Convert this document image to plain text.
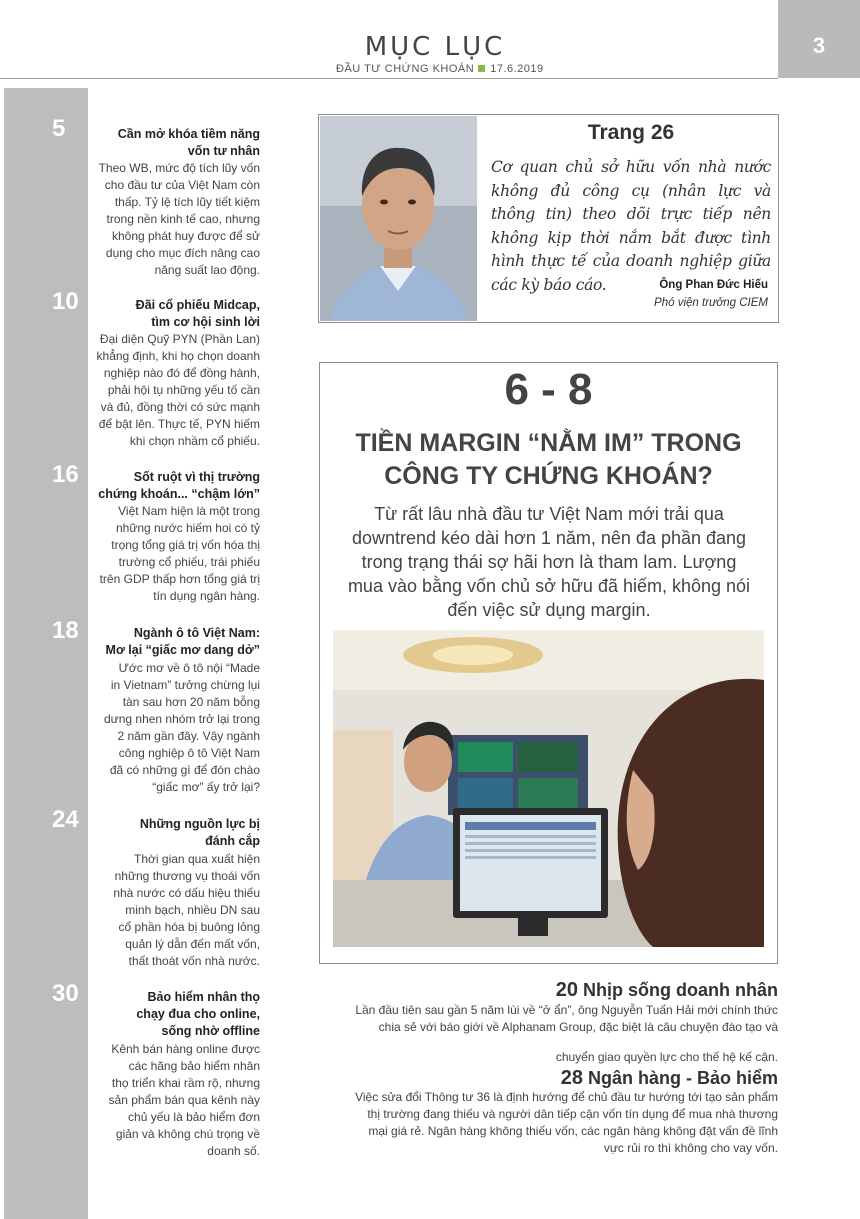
MỤC LỤC
ĐẦU TƯ CHỨNG KHOÁN 17.6.2019
3
5	Cần mở khóa tiềm năng
vốn tư nhân
Theo WB, mức độ tích lũy vốn
cho đầu tư của Việt Nam còn
thấp. Tỷ lệ tích lũy tiết kiệm
trong nền kinh tế cao, nhưng
không phát huy được để sử
dụng cho mục đích nâng cao
năng suất lao động.
10	Đãi cổ phiếu Midcap,
tìm cơ hội sinh lời
Đại diện Quỹ PYN (Phần Lan)
khẳng định, khi họ chọn doanh
nghiệp nào đó để đồng hành,
phải hội tụ những yếu tố cần
và đủ, đồng thời có sức mạnh
để bật lên. Thực tế, PYN hiếm
khi chọn nhầm cổ phiếu.
16	Sốt ruột vì thị trường
chứng khoán... “chậm lớn”
Việt Nam hiện là một trong
những nước hiếm hoi có tỷ
trọng tổng giá trị vốn hóa thị
trường cổ phiếu, trái phiếu
trên GDP thấp hơn tổng giá trị
tín dụng ngân hàng.
18	Ngành ô tô Việt Nam:
Mơ lại “giấc mơ dang dở”
Ước mơ về ô tô nội “Made
in Vietnam” tưởng chừng lụi
tàn sau hơn 20 năm bỗng
dưng nhen nhóm trở lại trong
2 năm gần đây. Vậy ngành
công nghiệp ô tô Việt Nam
đã có những gì để đón chào
“giấc mơ” ấy trở lại?
24	Những nguồn lực bị
đánh cắp
Thời gian qua xuất hiện
những thương vụ thoái vốn
nhà nước có dấu hiệu thiếu
minh bạch, nhiều DN sau
cổ phần hóa bị buông lỏng
quản lý dẫn đến mất vốn,
thất thoát vốn nhà nước.
30	Bảo hiểm nhân thọ
chạy đua cho online,
sống nhờ offline
Kênh bán hàng online được
các hãng bảo hiểm nhân
thọ triển khai rầm rộ, nhưng
sản phẩm bán qua kênh này
chủ yếu là bảo hiểm đơn
giản và không chú trọng về
doanh số.
Trang 26
Cơ quan chủ sở hữu vốn nhà nước không đủ công cụ (nhân lực và thông tin) theo dõi trực tiếp nên không kịp thời nắm bắt được tình hình thực tế của doanh nghiệp giữa các kỳ báo cáo.	Ông Phan Đức Hiếu
Phó viện trưởng CIEM
6 - 8
TIỀN MARGIN “NẰM IM” TRONG
CÔNG TY CHỨNG KHOÁN?
Từ rất lâu nhà đầu tư Việt Nam mới trải qua
downtrend kéo dài hơn 1 năm, nên đa phần đang
trong trạng thái sợ hãi hơn là tham lam. Lượng
mua vào bằng vốn chủ sở hữu đã hiếm, không nói
đến việc sử dụng margin.
20 Nhịp sống doanh nhân
Lần đầu tiên sau gần 5 năm lùi về “ở ẩn”, ông Nguyễn Tuấn Hải mới chính thức
chia sẻ với báo giới về Alphanam Group, đặc biệt là câu chuyện đào tạo và
chuyển giao quyền lực cho thế hệ kế cận.
28 Ngân hàng - Bảo hiểm
Việc sửa đổi Thông tư 36 là định hướng để chủ đầu tư hướng tới tạo sản phẩm
thị trường đang thiếu và người dân tiếp cận vốn tín dụng để mua nhà thương
mại giá rẻ. Ngân hàng không thiếu vốn, các ngân hàng không đặt vấn đề lĩnh
vực rủi ro thì không cho vay vốn.
